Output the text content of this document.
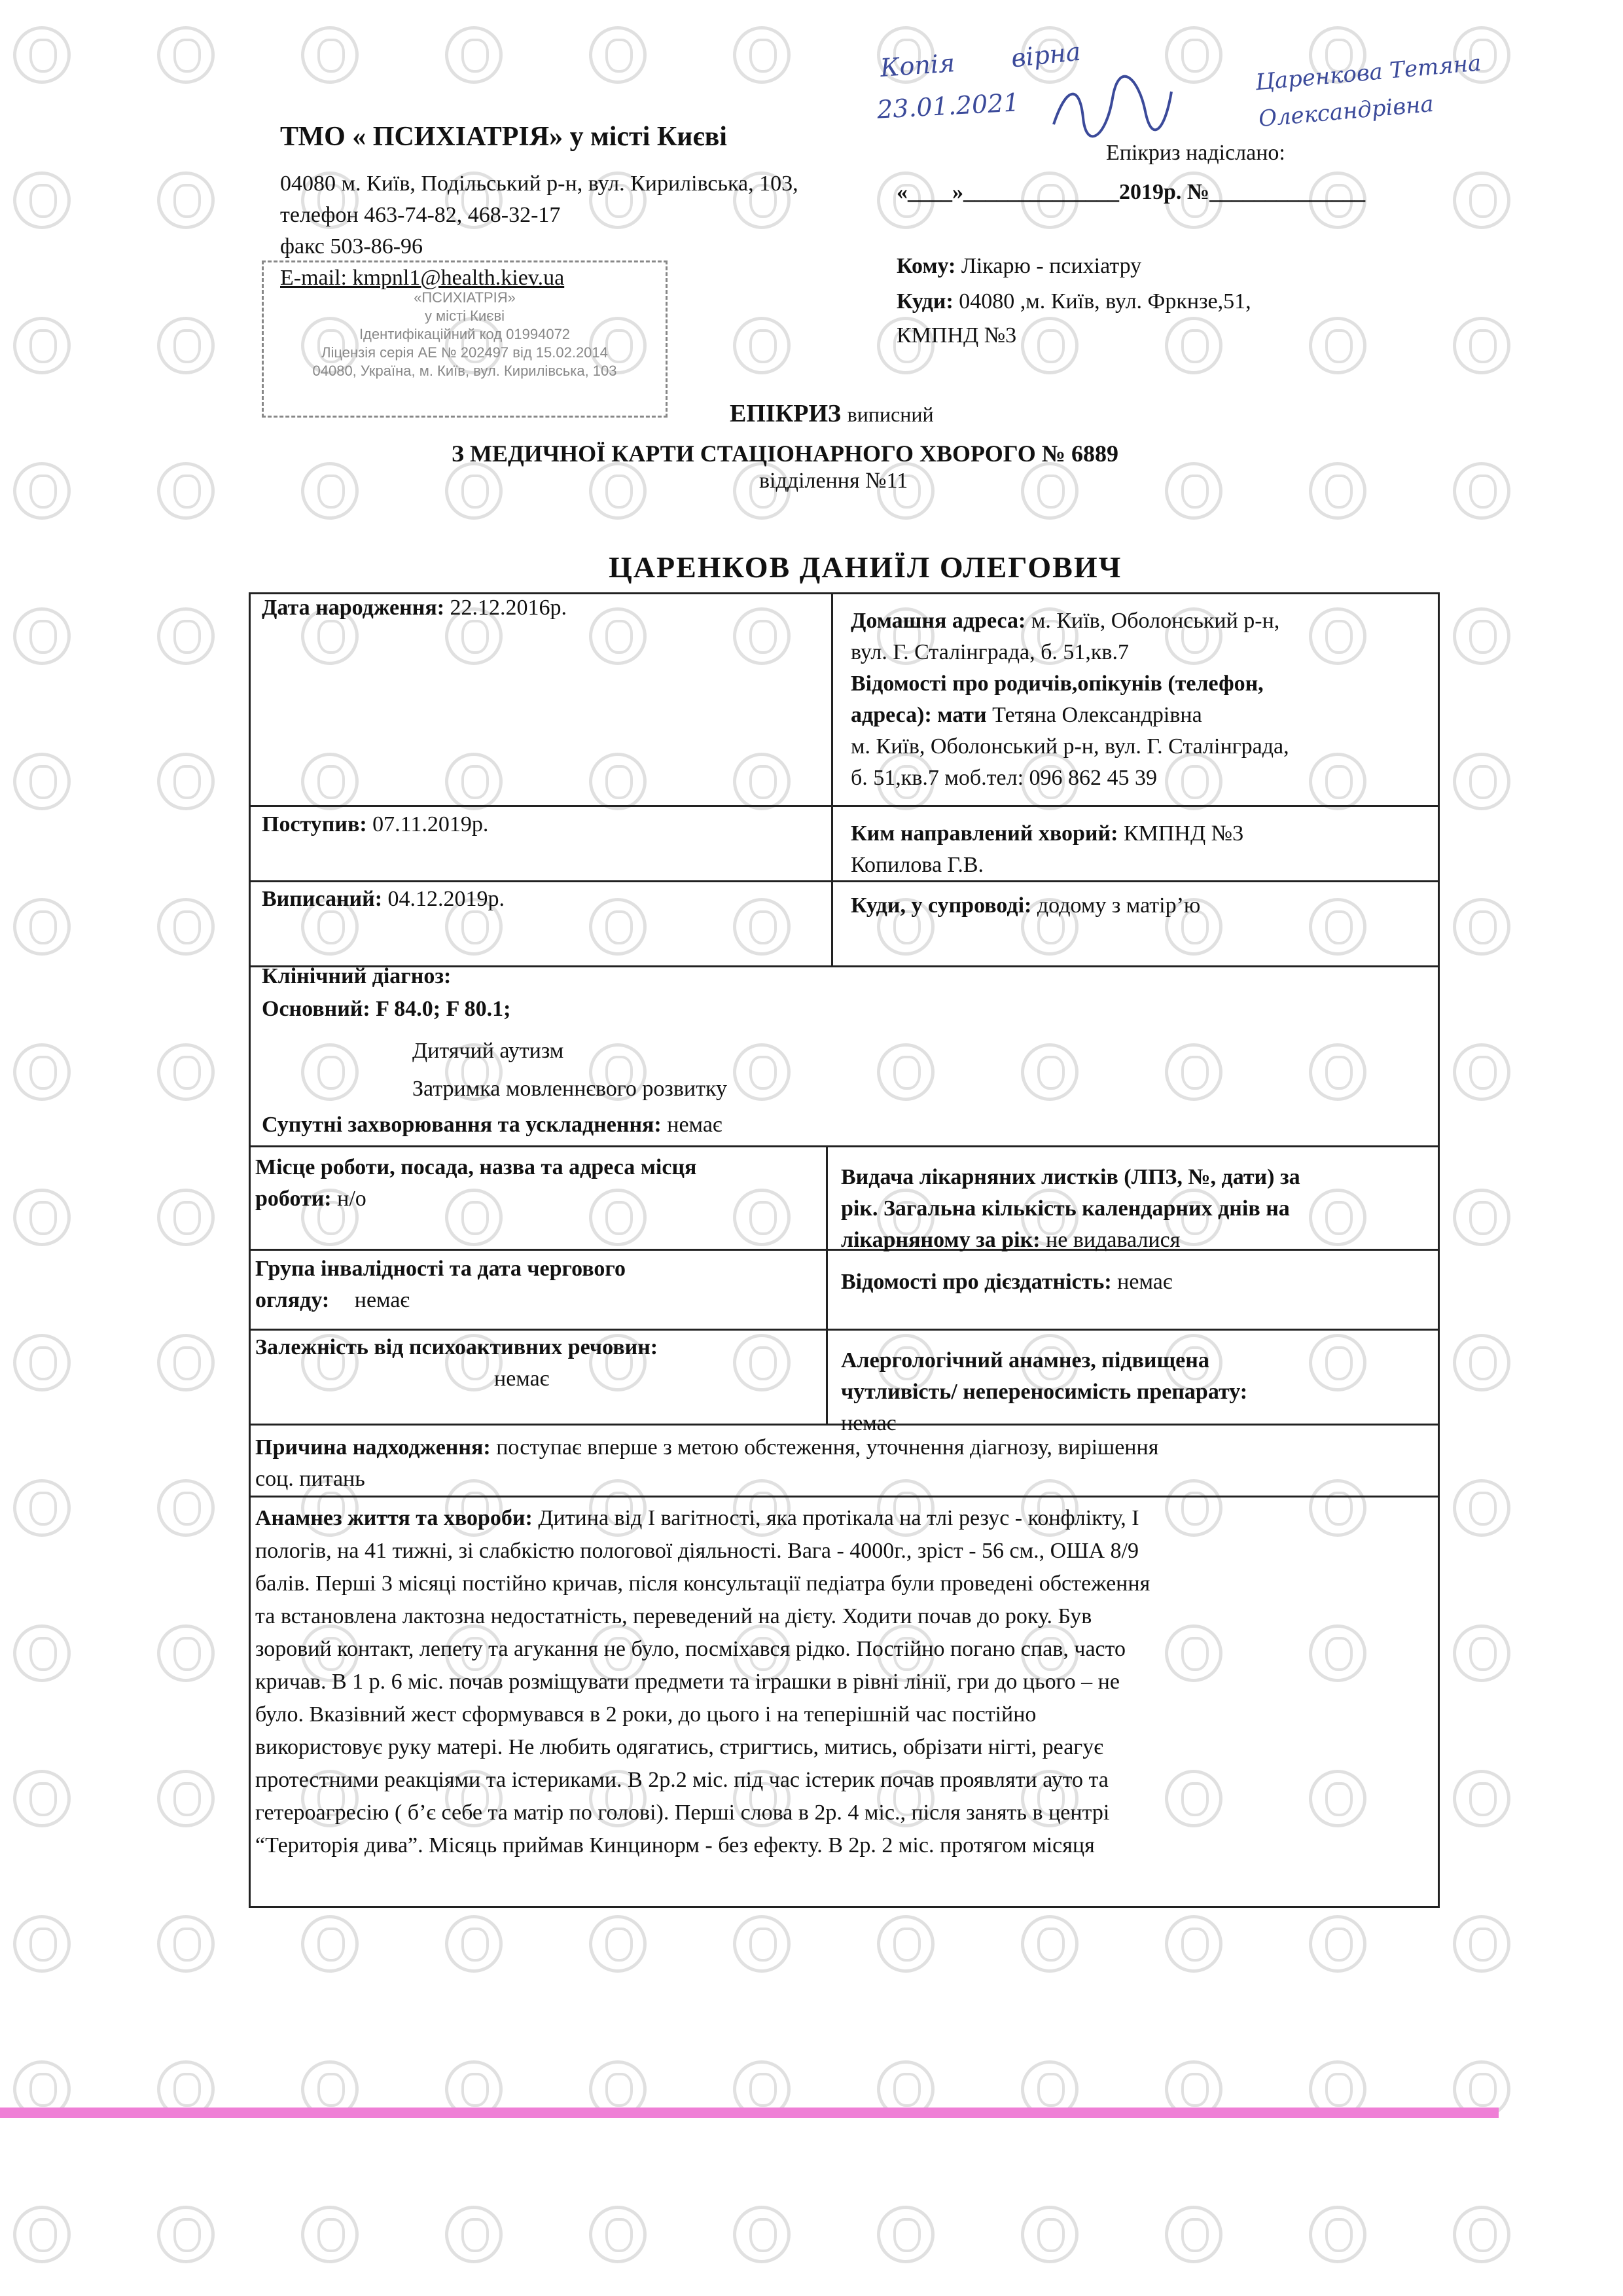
ТМО « ПСИХІАТРІЯ» у місті Києві
04080 м. Київ, Подільський р-н, вул. Кирилівська, 103,
телефон 463-74-82, 468-32-17
факс 503-86-96
E-mail: kmpnl1@health.kiev.ua
«ПСИХІАТРІЯ»
у місті Києві
Ідентифікаційний код 01994072
Ліцензія серія АЕ № 202497 від 15.02.2014
04080, Україна, м. Київ, вул. Кирилівська, 103
Копія вірна
23.01.2021
Царенкова Тетяна Олександрівна
Епікриз надіслано:
«____»______________2019р. №______________
Кому: Лікарю - психіатру
Куди: 04080 ,м. Київ, вул. Фркнзе,51,
КМПНД №3
ЕПІКРИЗ виписний
З МЕДИЧНОЇ КАРТИ СТАЦІОНАРНОГО ХВОРОГО № 6889
відділення №11
ЦАРЕНКОВ ДАНИЇЛ ОЛЕГОВИЧ
Дата народження: 22.12.2016р.
Домашня адреса: м. Київ, Оболонський р-н,
вул. Г. Сталінграда, б. 51,кв.7
Відомості про родичів,опікунів (телефон,
адреса): мати Тетяна Олександрівна
м. Київ, Оболонський р-н, вул. Г. Сталінграда,
б. 51,кв.7 моб.тел: 096 862 45 39
Поступив: 07.11.2019р.	Ким направлений хворий: КМПНД №3
Копилова Г.В.
Виписаний: 04.12.2019р.	Куди, у супроводі: додому з матір’ю
Клінічний діагноз:
Основний: F 84.0; F 80.1;
Дитячий аутизм
Затримка мовленнєвого розвитку
Супутні захворювання та ускладнення: немає
Місце роботи, посада, назва та адреса місця
роботи: н/о
Видача лікарняних листків (ЛПЗ, №, дати) за
рік. Загальна кількість календарних днів на
лікарняному за рік: не видавалися
Група інвалідності та дата чергового
огляду: немає
Відомості про дієздатність: немає
Залежність від психоактивних речовин:
немає
Алергологічний анамнез, підвищена
чутливість/ непереносимість препарату:
немає
Причина надходження: поступає вперше з метою обстеження, уточнення діагнозу, вирішення
соц. питань
Анамнез життя та хвороби: Дитина від І вагітності, яка протікала на тлі резус - конфлікту, І
пологів, на 41 тижні, зі слабкістю пологової діяльності. Вага - 4000г., зріст - 56 см., ОША 8/9
балів. Перші 3 місяці постійно кричав, після консультації педіатра були проведені обстеження
та встановлена лактозна недостатність, переведений на дієту. Ходити почав до року. Був
зоровий контакт, лепету та агукання не було, посміхався рідко. Постійно погано спав, часто
кричав. В 1 р. 6 міс. почав розміщувати предмети та іграшки в рівні лінії, гри до цього – не
було. Вказівний жест сформувався в 2 роки, до цього і на теперішній час постійно
використовує руку матері. Не любить одягатись, стригтись, митись, обрізати нігті, реагує
протестними реакціями та істериками. В 2р.2 міс. під час істерик почав проявляти ауто та
гетероагресію ( б’є себе та матір по голові). Перші слова в 2р. 4 міс., після занять в центрі
“Територія дива”. Місяць приймав Кинцинорм - без ефекту. В 2р. 2 міс. протягом місяця
